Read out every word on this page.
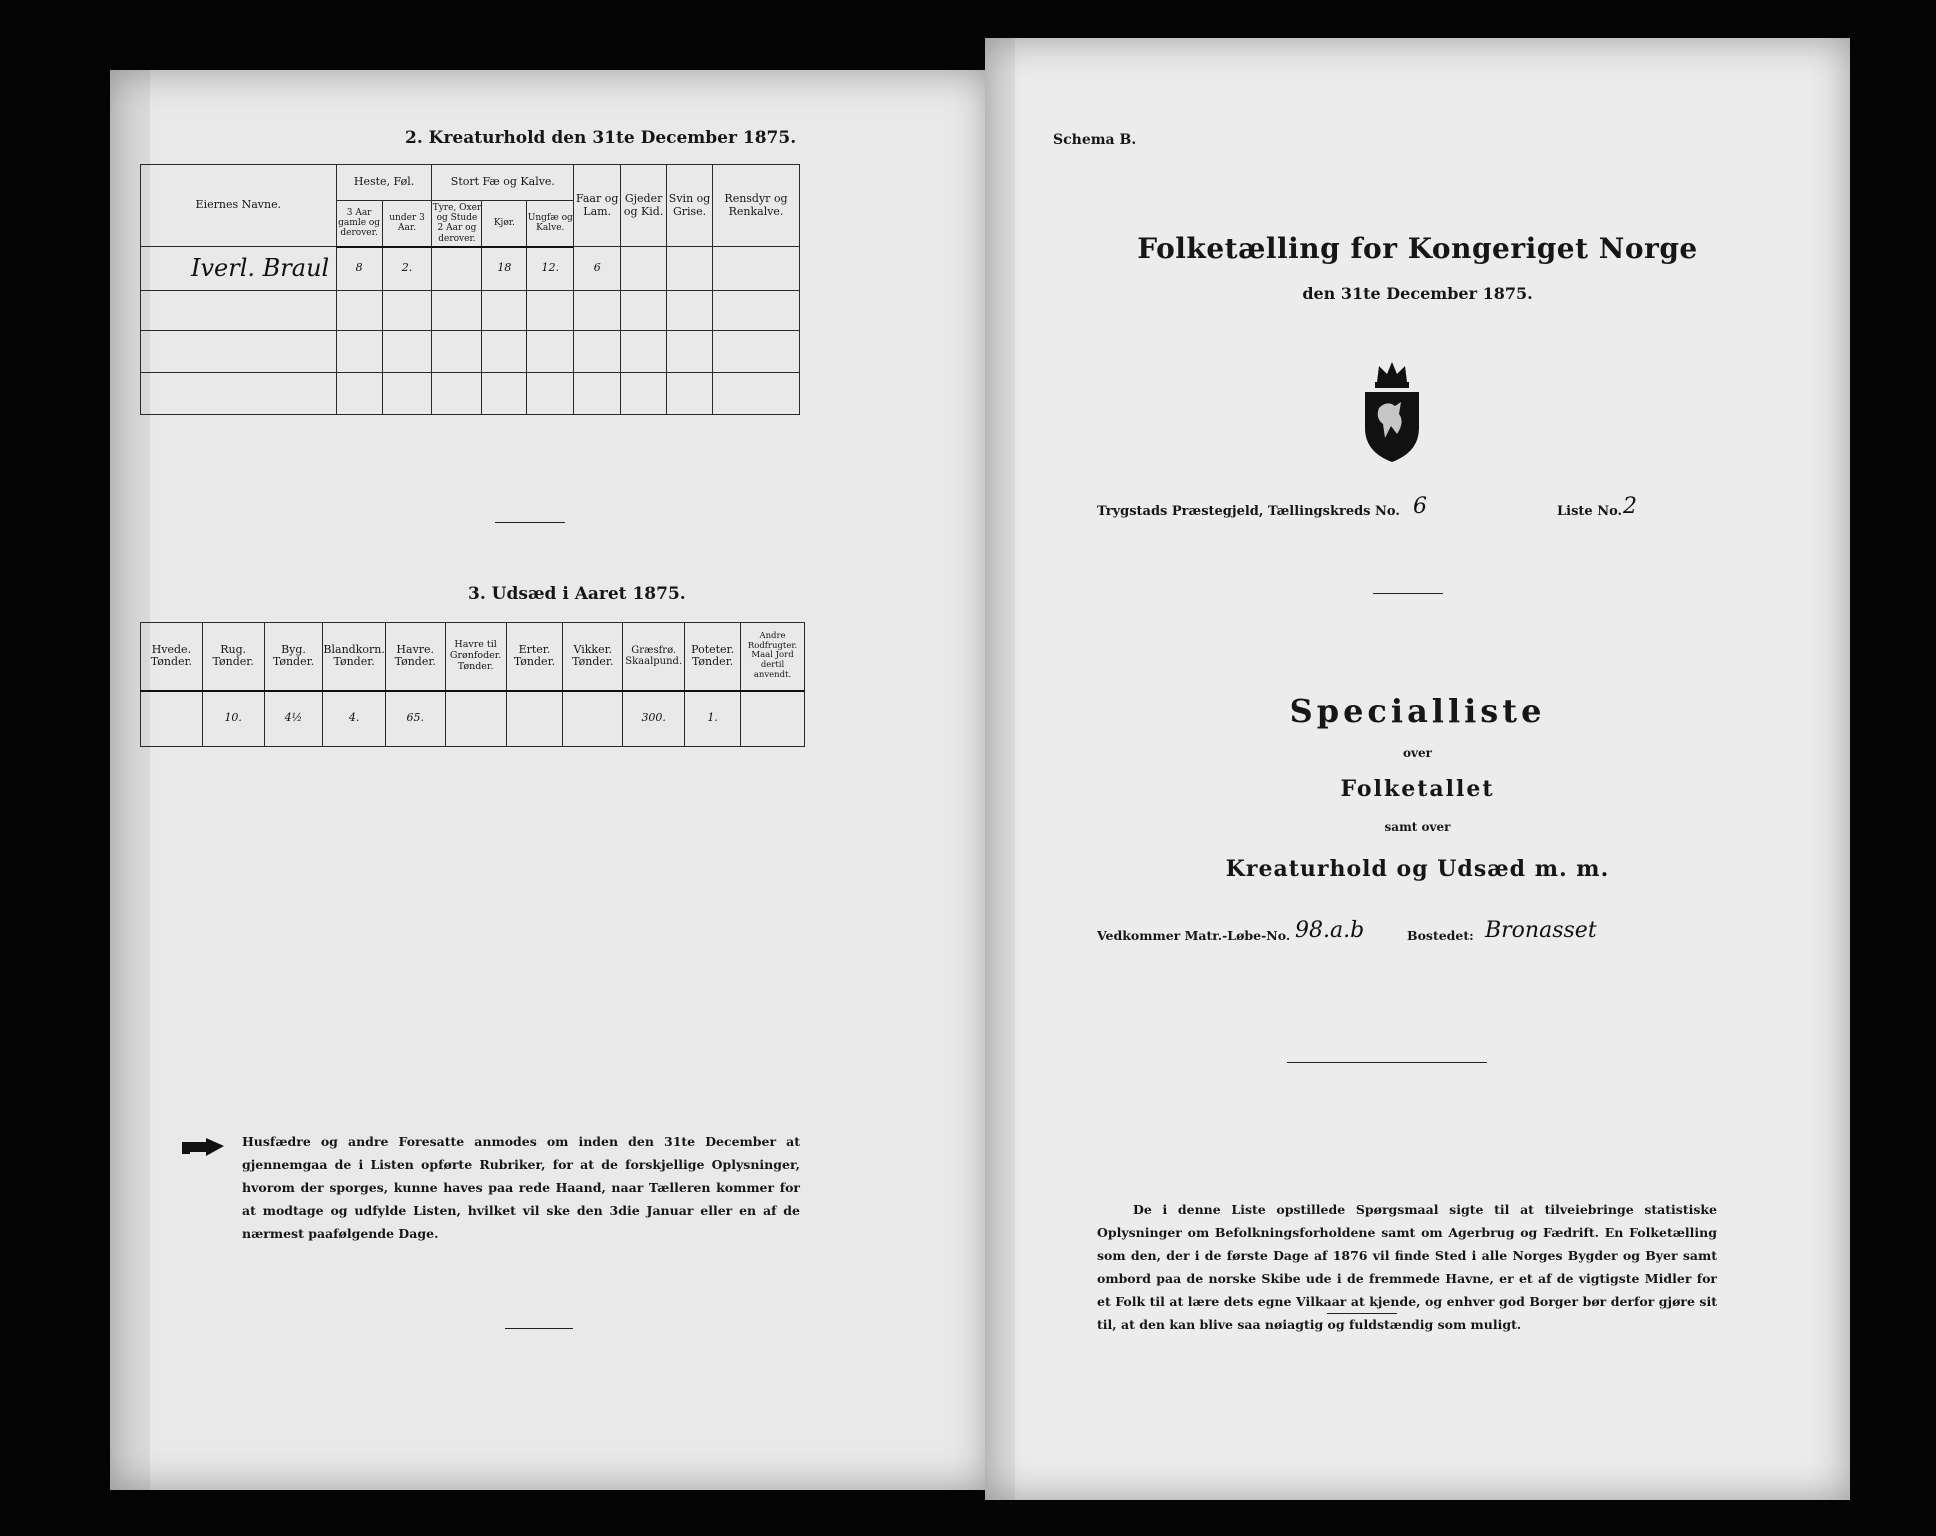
2. Kreaturhold den 31te December 1875.
Eiernes Navne.	Heste, Føl.		Stort Fæ og Kalve.			Faar og Lam.	Gjeder og Kid.	Svin og Grise.	Rensdyr og Renkalve.
	3 Aar gamle og derover.	under 3 Aar.	Tyre, Oxer og Stude 2 Aar og derover.	Kjør.	Ungfæ og Kalve.				
Iverl. Braul	8	2.		18	12.	6			

3. Udsæd i Aaret 1875.
Hvede. Tønder.	Rug. Tønder.	Byg. Tønder.	Blandkorn. Tønder.	Havre. Tønder.	Havre til Grønfoder. Tønder.	Erter. Tønder.	Vikker. Tønder.	Græsfrø. Skaalpund.	Poteter. Tønder.	Andre Rodfrugter. Maal Jord dertil anvendt.
	10.	4½	4.	65.				300.	1.	
Husfædre og andre Foresatte anmodes om inden den 31te December at gjennemgaa de i Listen opførte Rubriker, for at de forskjellige Oplysninger, hvorom der sporges, kunne haves paa rede Haand, naar Tælleren kommer for at modtage og udfylde Listen, hvilket vil ske den 3die Januar eller en af de nærmest paafølgende Dage.
Schema B.
Folketælling for Kongeriget Norge
den 31te December 1875.
Trygstads Præstegjeld, Tællingskreds No. 6	Liste No. 2
Specialliste
over
Folketallet
samt over
Kreaturhold og Udsæd m. m.
Vedkommer Matr.-Løbe-No. 98.a.b	Bostedet: Bronasset
De i denne Liste opstillede Spørgsmaal sigte til at tilveiebringe statistiske Oplysninger om Befolkningsforholdene samt om Agerbrug og Fædrift. En Folketælling som den, der i de første Dage af 1876 vil finde Sted i alle Norges Bygder og Byer samt ombord paa de norske Skibe ude i de fremmede Havne, er et af de vigtigste Midler for et Folk til at lære dets egne Vilkaar at kjende, og enhver god Borger bør derfor gjøre sit til, at den kan blive saa nøiagtig og fuldstændig som muligt.
